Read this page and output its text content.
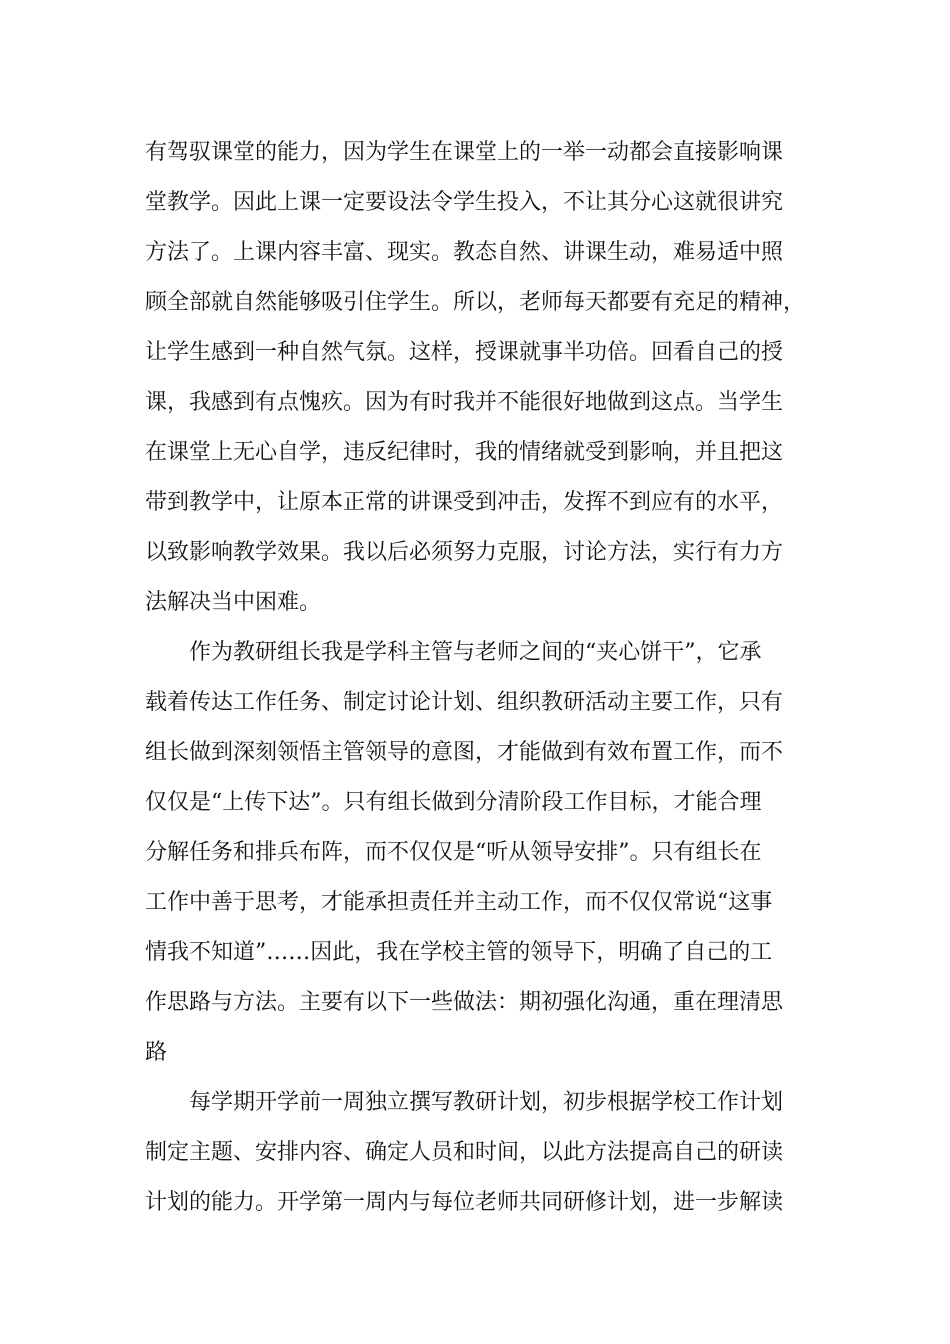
有驾驭课堂的能力，因为学生在课堂上的一举一动都会直接影响课
堂教学。因此上课一定要设法令学生投入，不让其分心这就很讲究
方法了。上课内容丰富、现实。教态自然、讲课生动，难易适中照
顾全部就自然能够吸引住学生。所以，老师每天都要有充足的精神，
让学生感到一种自然气氛。这样，授课就事半功倍。回看自己的授
课，我感到有点愧疚。因为有时我并不能很好地做到这点。当学生
在课堂上无心自学，违反纪律时，我的情绪就受到影响，并且把这
带到教学中，让原本正常的讲课受到冲击，发挥不到应有的水平，
以致影响教学效果。我以后必须努力克服，讨论方法，实行有力方
法解决当中困难。
作为教研组长我是学科主管与老师之间的“夹心饼干”，它承
载着传达工作任务、制定讨论计划、组织教研活动主要工作，只有
组长做到深刻领悟主管领导的意图，才能做到有效布置工作，而不
仅仅是“上传下达”。只有组长做到分清阶段工作目标，才能合理
分解任务和排兵布阵，而不仅仅是“听从领导安排”。只有组长在
工作中善于思考，才能承担责任并主动工作，而不仅仅常说“这事
情我不知道”……因此，我在学校主管的领导下，明确了自己的工
作思路与方法。主要有以下一些做法：期初强化沟通，重在理清思
路
每学期开学前一周独立撰写教研计划，初步根据学校工作计划
制定主题、安排内容、确定人员和时间，以此方法提高自己的研读
计划的能力。开学第一周内与每位老师共同研修计划，进一步解读
